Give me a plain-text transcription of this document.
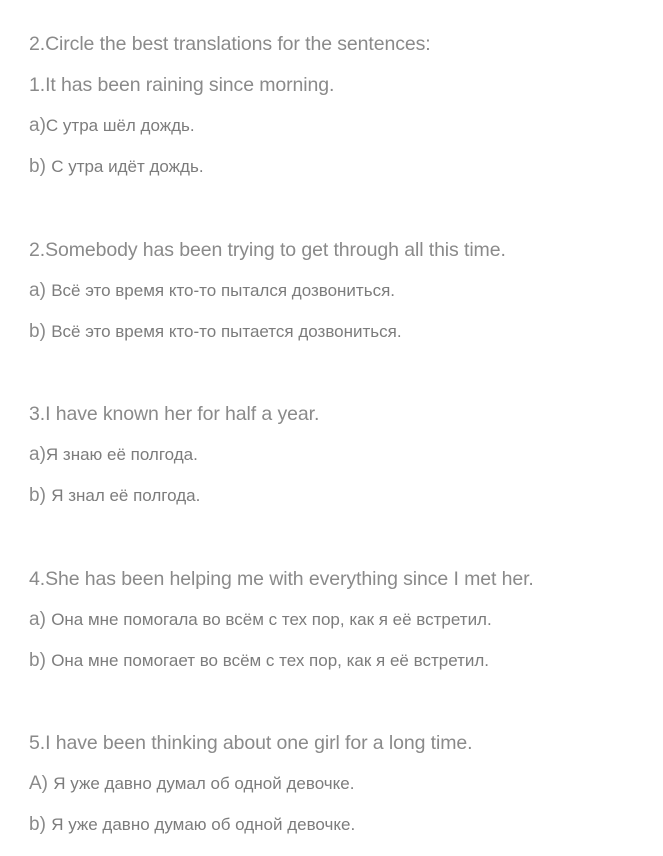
2.Circle the best translations for the sentences:
1.It has been raining since morning.
a)С утра шёл дождь.
b) С утра идёт дождь.
2.Somebody has been trying to get through all this time.
a) Всё это время кто-то пытался дозвониться.
b) Всё это время кто-то пытается дозвониться.
3.I have known her for half a year.
a)Я знаю её полгода.
b) Я знал её полгода.
4.She has been helping me with everything since I met her.
a) Она мне помогала во всём с тех пор, как я её встретил.
b) Она мне помогает во всём с тех пор, как я её встретил.
5.I have been thinking about one girl for a long time.
A) Я уже давно думал об одной девочке.
b) Я уже давно думаю об одной девочке.
